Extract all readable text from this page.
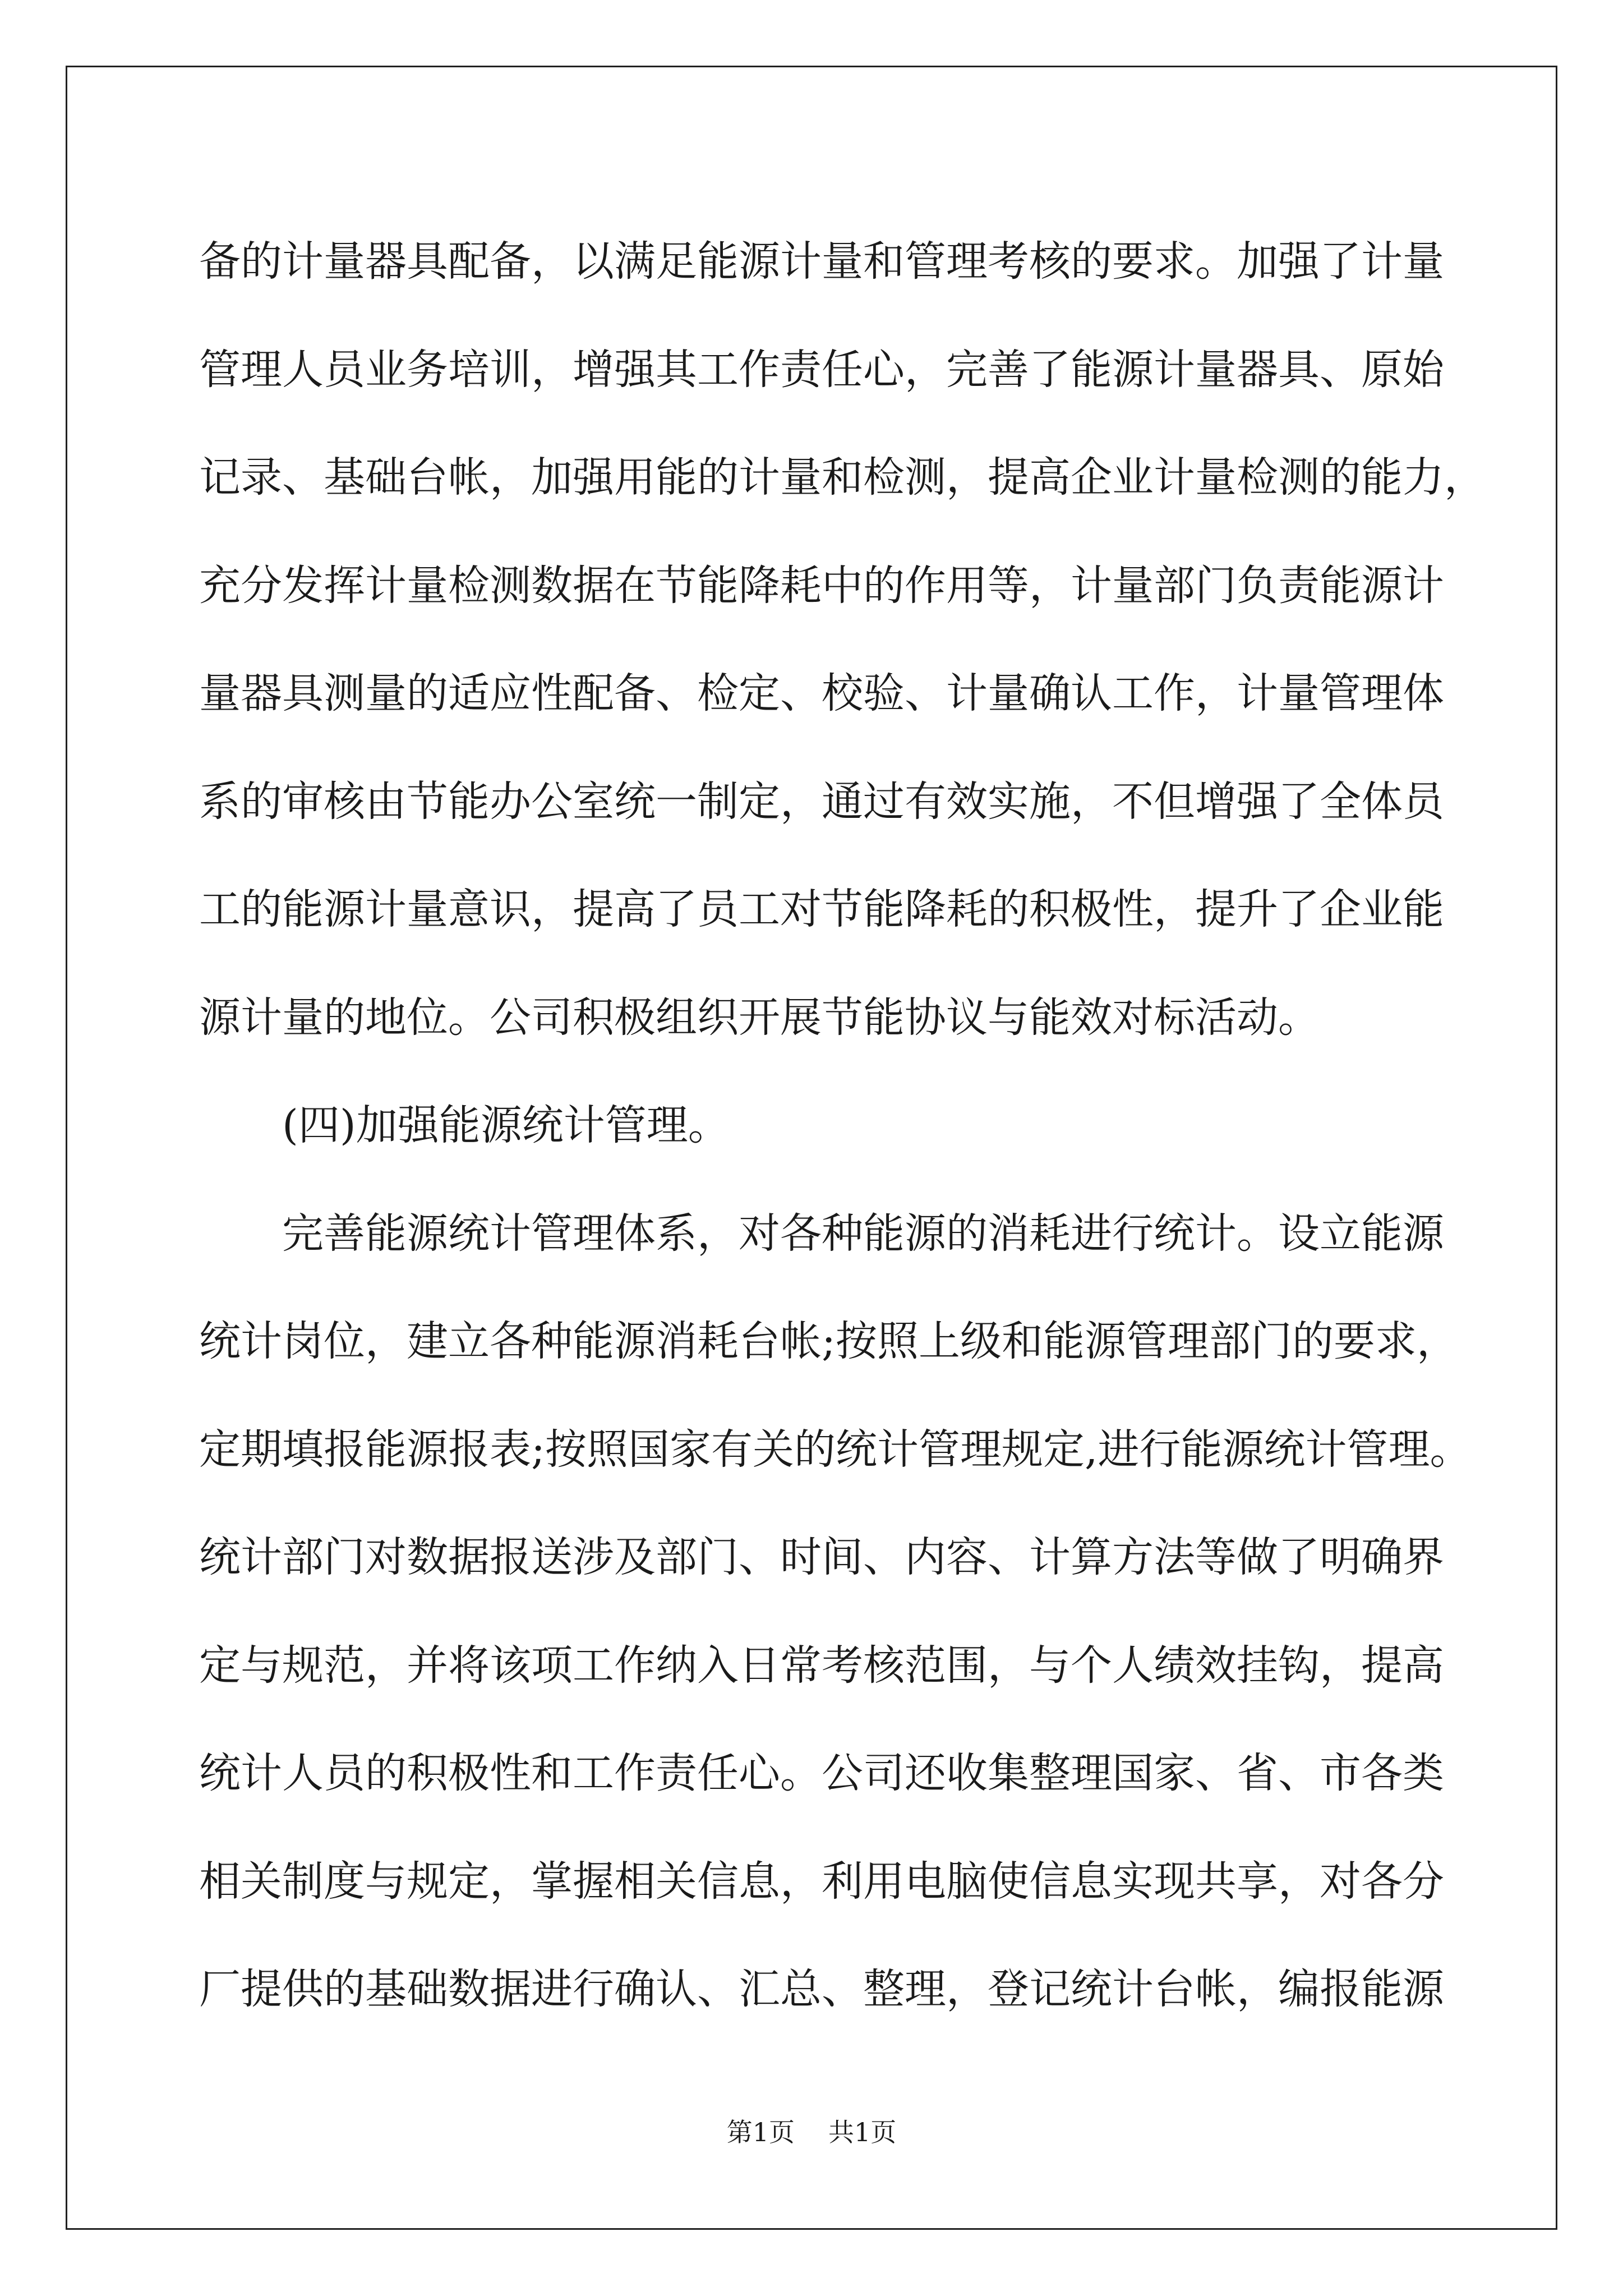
备 的 计 量 器 具 配 备 ， 以 满 足 能 源 计 量 和 管 理 考 核 的 要 求 。 加 强 了 计 量
管 理 人 员 业 务 培 训 ， 增 强 其 工 作 责 任 心 ， 完 善 了 能 源 计 量 器 具 、 原 始
记 录 、 基 础 台 帐 ， 加 强 用 能 的 计 量 和 检 测 ， 提 高 企 业 计 量 检 测 的 能 力 ，
充 分 发 挥 计 量 检 测 数 据 在 节 能 降 耗 中 的 作 用 等 ， 计 量 部 门 负 责 能 源 计
量 器 具 测 量 的 适 应 性 配 备 、 检 定 、 校 验 、 计 量 确 认 工 作 ， 计 量 管 理 体
系 的 审 核 由 节 能 办 公 室 统 一 制 定 ， 通 过 有 效 实 施 ， 不 但 增 强 了 全 体 员
工 的 能 源 计 量 意 识 ， 提 高 了 员 工 对 节 能 降 耗 的 积 极 性 ， 提 升 了 企 业 能
源 计 量 的 地 位 。 公 司 积 极 组 织 开 展 节 能 协 议 与 能 效 对 标 活 动 。
( 四 ) 加 强 能 源 统 计 管 理 。
完 善 能 源 统 计 管 理 体 系 ， 对 各 种 能 源 的 消 耗 进 行 统 计 。 设 立 能 源
统 计 岗 位 ， 建 立 各 种 能 源 消 耗 台 帐 ; 按 照 上 级 和 能 源 管 理 部 门 的 要 求 ，
定 期 填 报 能 源 报 表 ; 按 照 国 家 有 关 的 统 计 管 理 规 定 , 进 行 能 源 统 计 管 理 。
统 计 部 门 对 数 据 报 送 涉 及 部 门 、 时 间 、 内 容 、 计 算 方 法 等 做 了 明 确 界
定 与 规 范 ， 并 将 该 项 工 作 纳 入 日 常 考 核 范 围 ， 与 个 人 绩 效 挂 钩 ， 提 高
统 计 人 员 的 积 极 性 和 工 作 责 任 心 。 公 司 还 收 集 整 理 国 家 、 省 、 市 各 类
相 关 制 度 与 规 定 ， 掌 握 相 关 信 息 ， 利 用 电 脑 使 信 息 实 现 共 享 ， 对 各 分
厂 提 供 的 基 础 数 据 进 行 确 认 、 汇 总 、 整 理 ， 登 记 统 计 台 帐 ， 编 报 能 源
第1页 共1页
